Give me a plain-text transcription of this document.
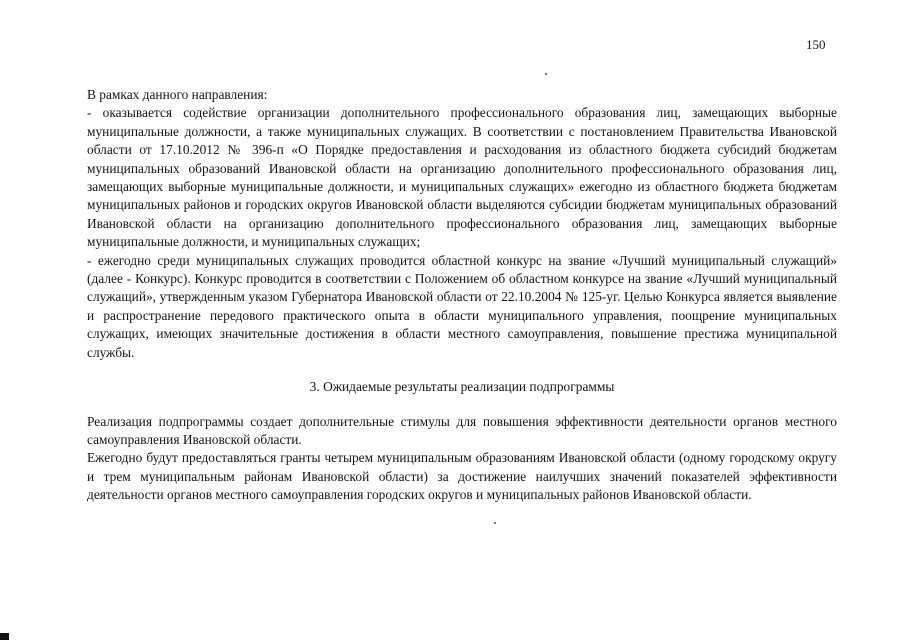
150

В рамках данного направления:

- оказывается содействие организации дополнительного профессионального образования лиц, замещающих выборные муниципальные должности, а также муниципальных служащих. В соответствии с постановлением Правительства Ивановской области от 17.10.2012 № 396-п «О Порядке предоставления и расходования из областного бюджета субсидий бюджетам муниципальных образований Ивановской области на организацию дополнительного профессионального образования лиц, замещающих выборные муниципальные должности, и муниципальных служащих» ежегодно из областного бюджета бюджетам муниципальных районов и городских округов Ивановской области выделяются субсидии бюджетам муниципальных образований Ивановской области на организацию дополнительного профессионального образования лиц, замещающих выборные муниципальные должности, и муниципальных служащих;

- ежегодно среди муниципальных служащих проводится областной конкурс на звание «Лучший муниципальный служащий» (далее - Конкурс). Конкурс проводится в соответствии с Положением об областном конкурсе на звание «Лучший муниципальный служащий», утвержденным указом Губернатора Ивановской области от 22.10.2004 № 125-уг. Целью Конкурса является выявление и распространение передового практического опыта в области муниципального управления, поощрение муниципальных служащих, имеющих значительные достижения в области местного самоуправления, повышение престижа муниципальной службы.

3. Ожидаемые результаты реализации подпрограммы

Реализация подпрограммы создает дополнительные стимулы для повышения эффективности деятельности органов местного самоуправления Ивановской области.

Ежегодно будут предоставляться гранты четырем муниципальным образованиям Ивановской области (одному городскому округу и трем муниципальным районам Ивановской области) за достижение наилучших значений показателей эффективности деятельности органов местного самоуправления городских округов и муниципальных районов Ивановской области.
